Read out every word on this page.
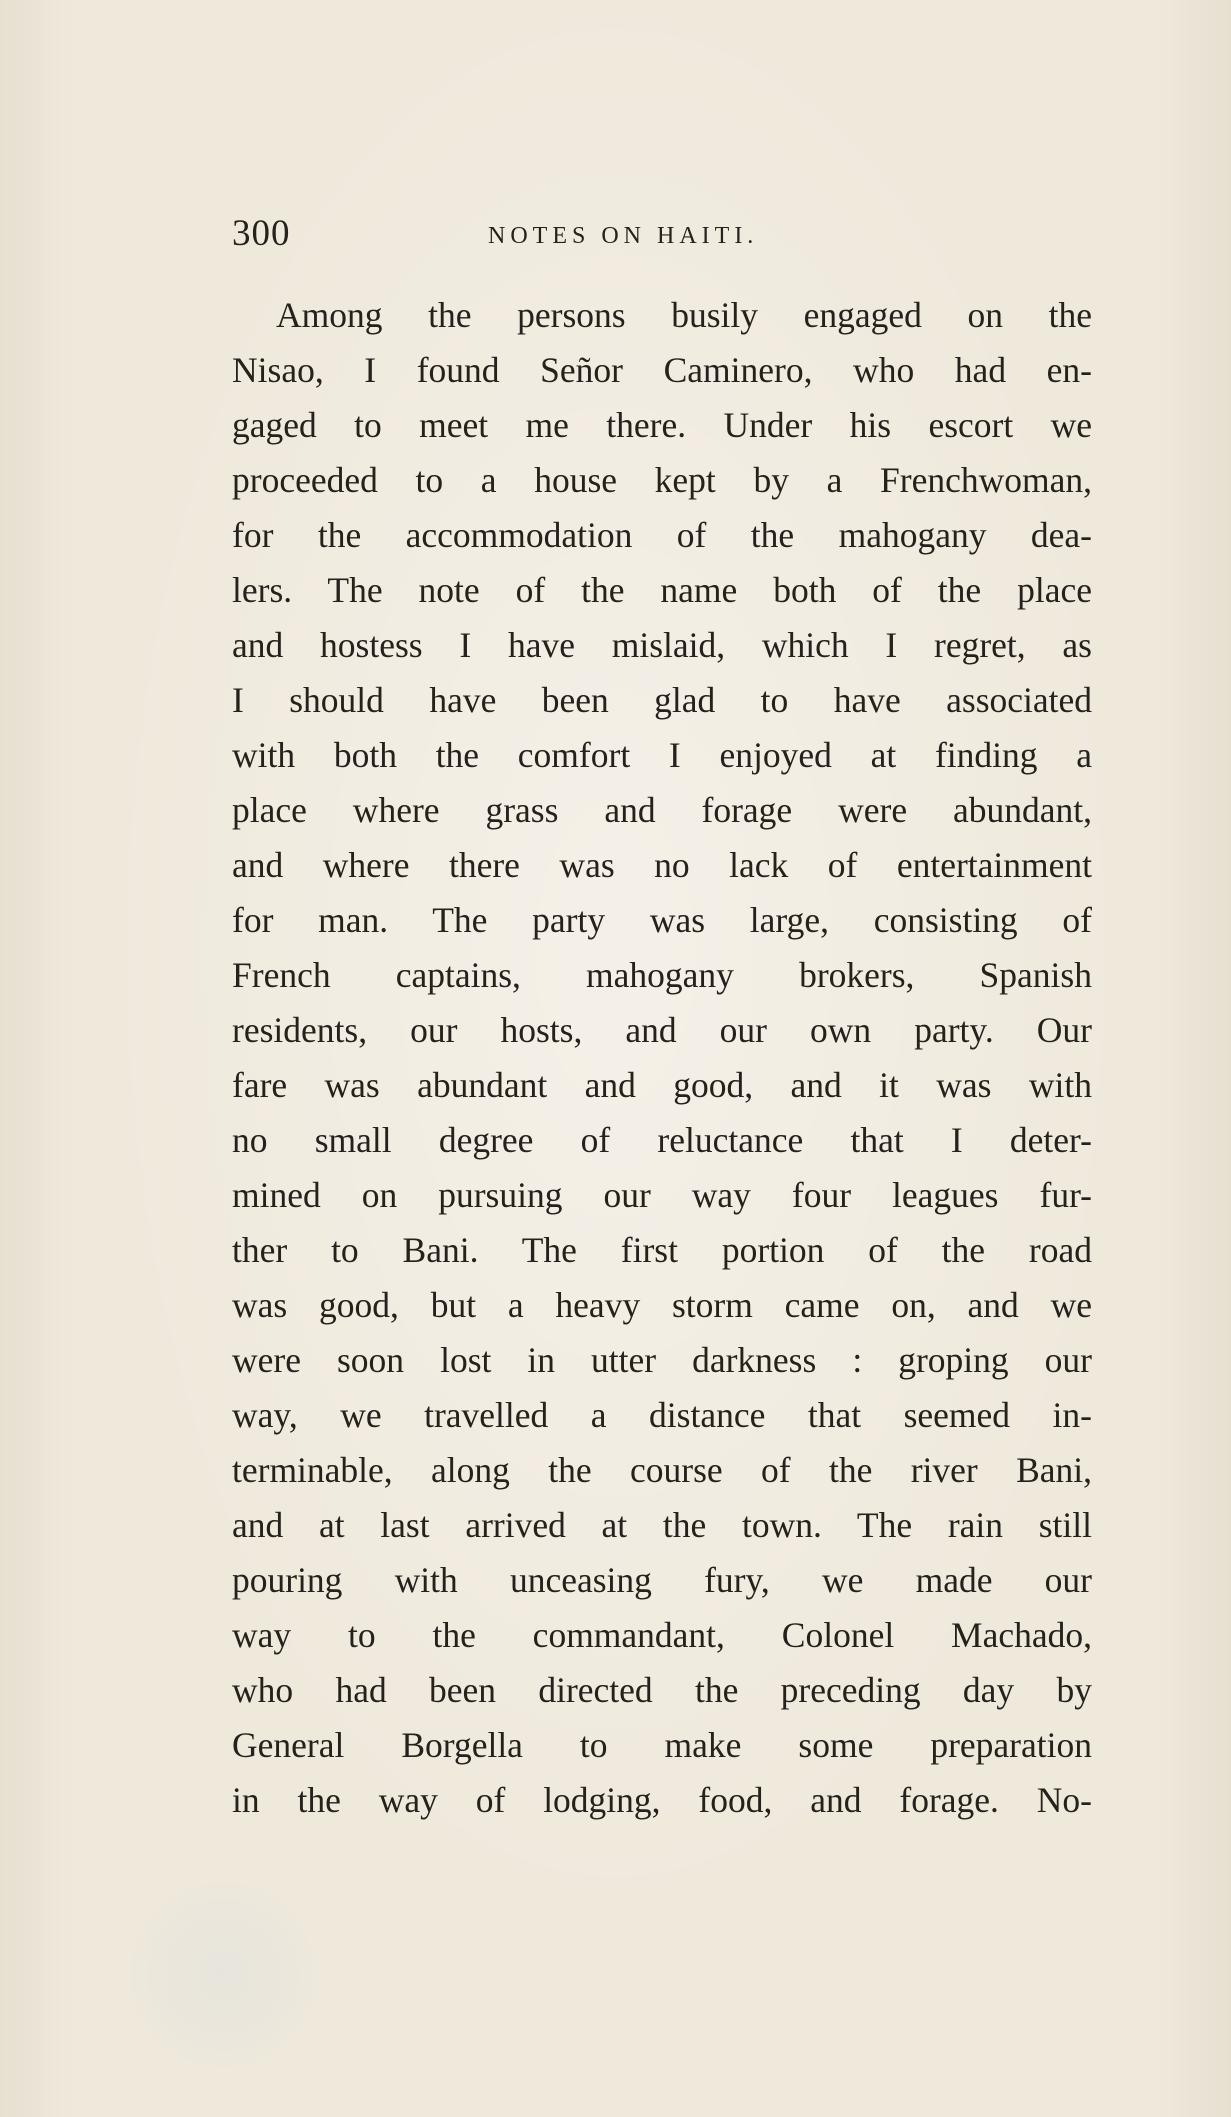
300	NOTES ON HAITI.
Among the persons busily engaged on the
Nisao, I found Señor Caminero, who had en-
gaged to meet me there. Under his escort we
proceeded to a house kept by a Frenchwoman,
for the accommodation of the mahogany dea-
lers. The note of the name both of the place
and hostess I have mislaid, which I regret, as
I should have been glad to have associated
with both the comfort I enjoyed at finding a
place where grass and forage were abundant,
and where there was no lack of entertainment
for man. The party was large, consisting of
French captains, mahogany brokers, Spanish
residents, our hosts, and our own party. Our
fare was abundant and good, and it was with
no small degree of reluctance that I deter-
mined on pursuing our way four leagues fur-
ther to Bani. The first portion of the road
was good, but a heavy storm came on, and we
were soon lost in utter darkness : groping our
way, we travelled a distance that seemed in-
terminable, along the course of the river Bani,
and at last arrived at the town. The rain still
pouring with unceasing fury, we made our
way to the commandant, Colonel Machado,
who had been directed the preceding day by
General Borgella to make some preparation
in the way of lodging, food, and forage. No-
